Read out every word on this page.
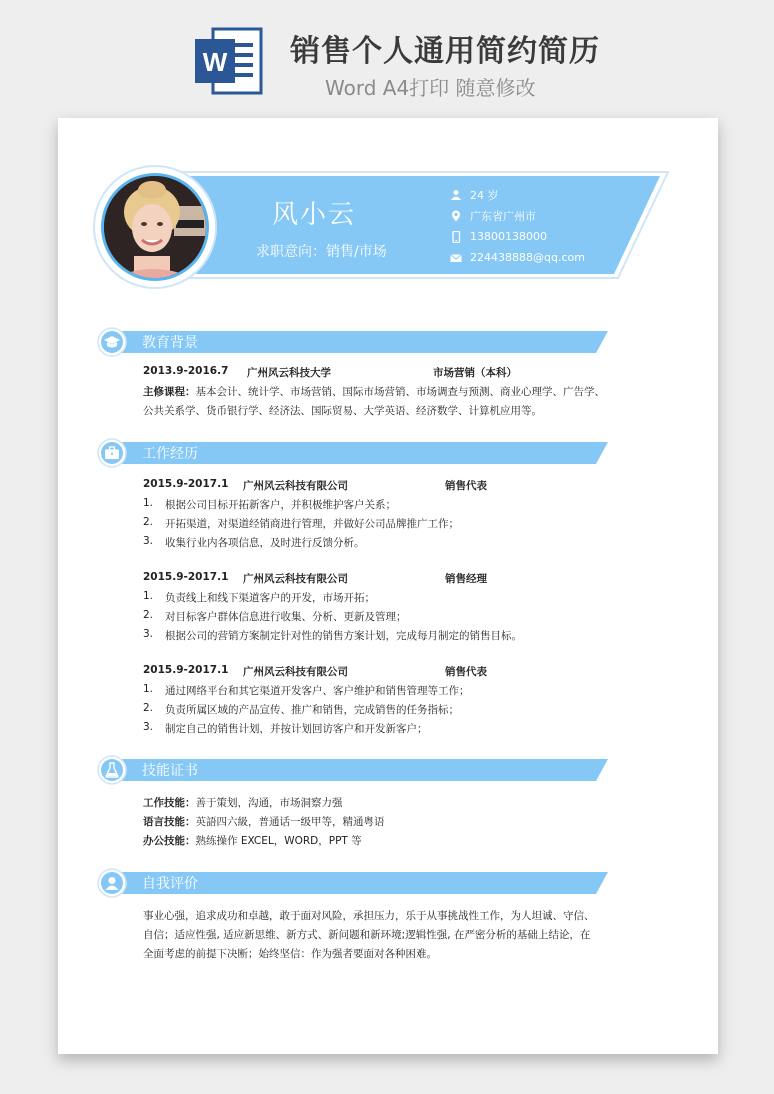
W 销售个人通用简约简历
Word A4打印 随意修改
风小云
求职意向：销售/市场
24 岁
广东省广州市
13800138000
224438888@qq.com
教育背景
2013.9-2016.7 广州风云科技大学	市场营销（本科）
主修课程：基本会计、统计学、市场营销、国际市场营销、市场调查与预测、商业心理学、广告学、
公共关系学、货币银行学、经济法、国际贸易、大学英语、经济数学、计算机应用等。
工作经历
2015.9-2017.1 广州风云科技有限公司	销售代表
1. 根据公司目标开拓新客户，并积极维护客户关系；
2. 开拓渠道，对渠道经销商进行管理，并做好公司品牌推广工作；
3. 收集行业内各项信息，及时进行反馈分析。
2015.9-2017.1 广州风云科技有限公司	销售经理
1. 负责线上和线下渠道客户的开发，市场开拓；
2. 对目标客户群体信息进行收集、分析、更新及管理；
3. 根据公司的营销方案制定针对性的销售方案计划，完成每月制定的销售目标。
2015.9-2017.1 广州风云科技有限公司	销售代表
1. 通过网络平台和其它渠道开发客户、客户维护和销售管理等工作；
2. 负责所属区域的产品宣传、推广和销售，完成销售的任务指标；
3. 制定自己的销售计划，并按计划回访客户和开发新客户；
技能证书
工作技能：善于策划，沟通，市场洞察力强
语言技能：英語四六級，普通话一级甲等，精通粤语
办公技能：熟练操作 EXCEL，WORD，PPT 等
自我评价
事业心强，追求成功和卓越，敢于面对风险，承担压力，乐于从事挑战性工作，为人坦诚、守信、
自信；适应性强, 适应新思维、新方式、新问题和新环境;逻辑性强, 在严密分析的基础上结论，在
全面考虑的前提下决断；始终坚信：作为强者要面对各种困难。
